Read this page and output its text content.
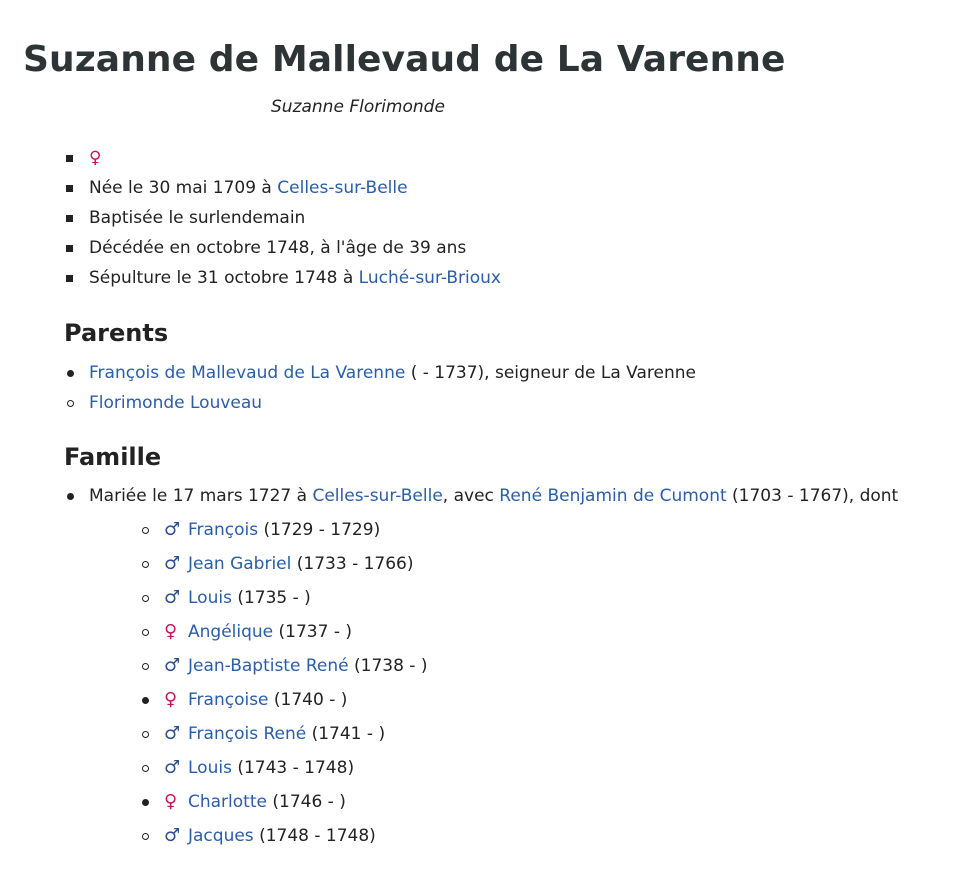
Suzanne de Mallevaud de La Varenne
Suzanne Florimonde
♀
Née le 30 mai 1709 à Celles-sur-Belle
Baptisée le surlendemain
Décédée en octobre 1748, à l'âge de 39 ans
Sépulture le 31 octobre 1748 à Luché-sur-Brioux
Parents
François de Mallevaud de La Varenne ( - 1737), seigneur de La Varenne
Florimonde Louveau
Famille
Mariée le 17 mars 1727 à Celles-sur-Belle, avec René Benjamin de Cumont (1703 - 1767), dont
♂ François (1729 - 1729)
♂ Jean Gabriel (1733 - 1766)
♂ Louis (1735 - )
♀ Angélique (1737 - )
♂ Jean-Baptiste René (1738 - )
♀ Françoise (1740 - )
♂ François René (1741 - )
♂ Louis (1743 - 1748)
♀ Charlotte (1746 - )
♂ Jacques (1748 - 1748)
